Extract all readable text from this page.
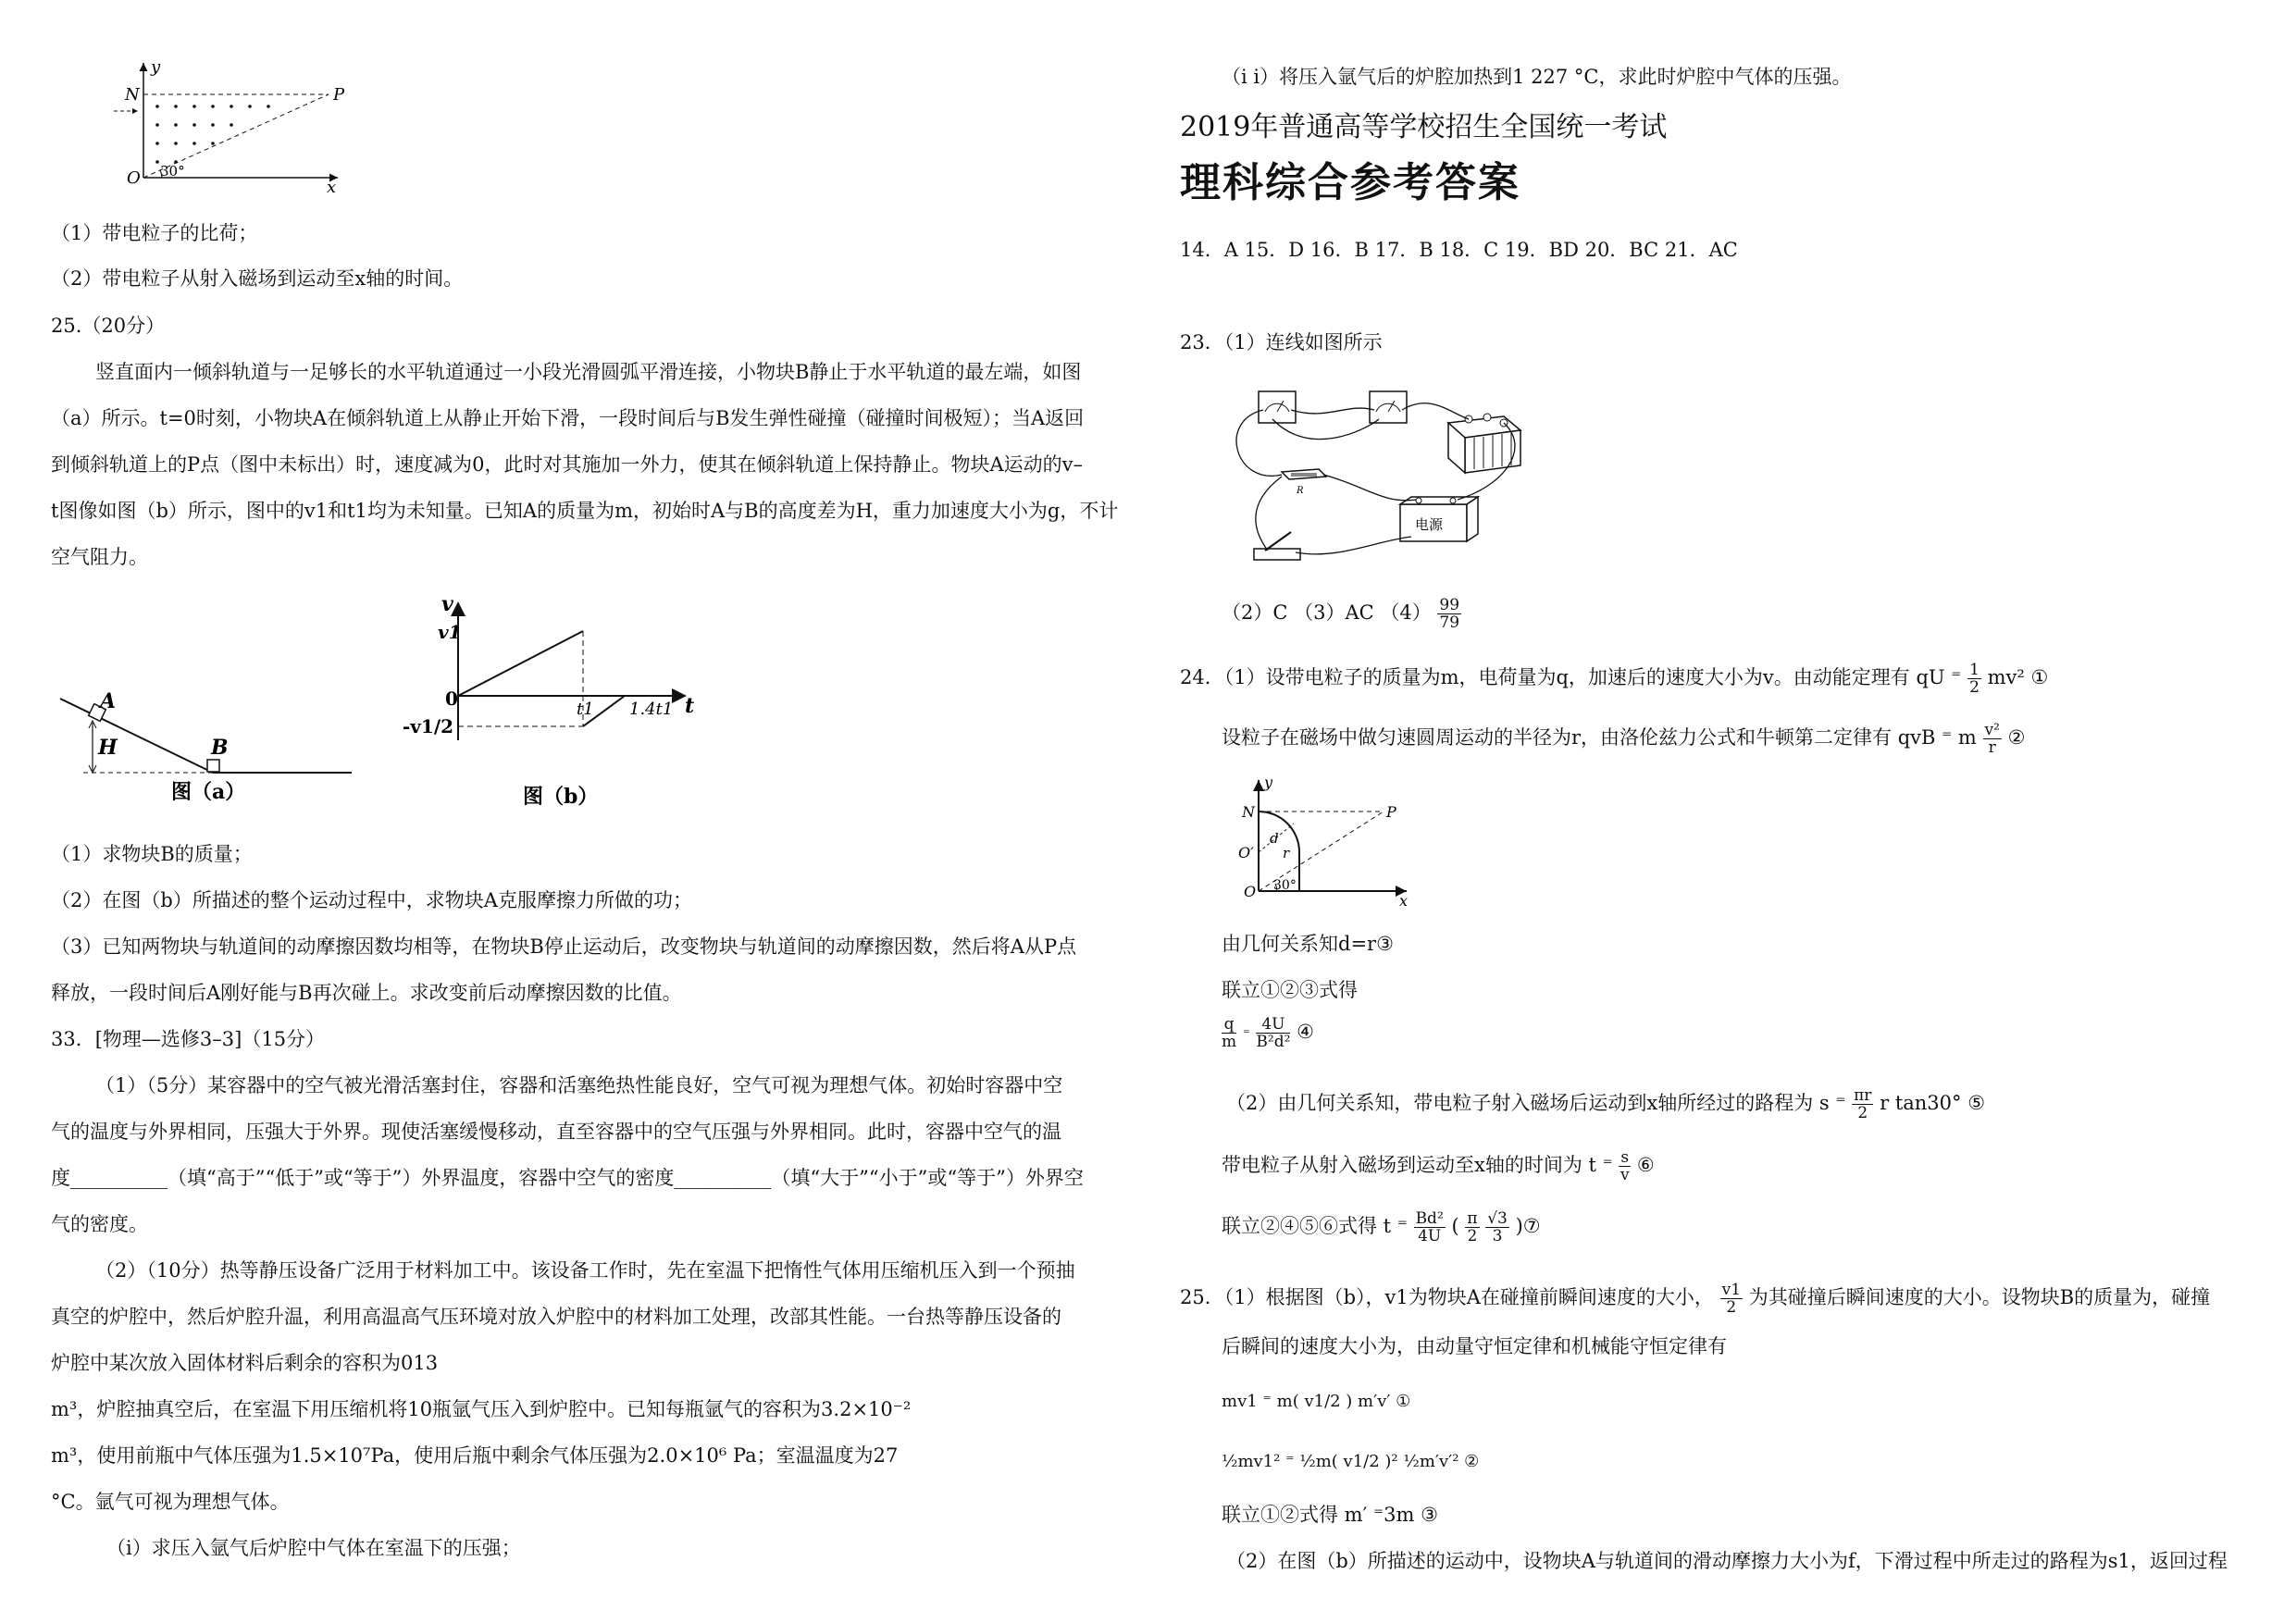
y
N	P
O	x
30°
（1）带电粒子的比荷；
（2）带电粒子从射入磁场到运动至x轴的时间。
25.（20分）
竖直面内一倾斜轨道与一足够长的水平轨道通过一小段光滑圆弧平滑连接，小物块B静止于水平轨道的最左端，如图
（a）所示。t=0时刻，小物块A在倾斜轨道上从静止开始下滑，一段时间后与B发生弹性碰撞（碰撞时间极短）；当A返回
到倾斜轨道上的P点（图中未标出）时，速度减为0，此时对其施加一外力，使其在倾斜轨道上保持静止。物块A运动的v–
t图像如图（b）所示，图中的v1和t1均为未知量。已知A的质量为m，初始时A与B的高度差为H，重力加速度大小为g，不计
空气阻力。
A
B
H
图（a）
v
v1
0
-v1/2
t1 1.4t1 t
图（b）
（1）求物块B的质量；
（2）在图（b）所描述的整个运动过程中，求物块A克服摩擦力所做的功；
（3）已知两物块与轨道间的动摩擦因数均相等，在物块B停止运动后，改变物块与轨道间的动摩擦因数，然后将A从P点
释放，一段时间后A刚好能与B再次碰上。求改变前后动摩擦因数的比值。
33．[物理—选修3–3]（15分）
（1）（5分）某容器中的空气被光滑活塞封住，容器和活塞绝热性能良好，空气可视为理想气体。初始时容器中空
气的温度与外界相同，压强大于外界。现使活塞缓慢移动，直至容器中的空气压强与外界相同。此时，容器中空气的温
度__________（填“高于”“低于”或“等于”）外界温度，容器中空气的密度__________（填“大于”“小于”或“等于”）外界空
气的密度。
（2）（10分）热等静压设备广泛用于材料加工中。该设备工作时，先在室温下把惰性气体用压缩机压入到一个预抽
真空的炉腔中，然后炉腔升温，利用高温高气压环境对放入炉腔中的材料加工处理，改部其性能。一台热等静压设备的
炉腔中某次放入固体材料后剩余的容积为013
m³，炉腔抽真空后，在室温下用压缩机将10瓶氩气压入到炉腔中。已知每瓶氩气的容积为3.2×10⁻²
m³，使用前瓶中气体压强为1.5×10⁷Pa，使用后瓶中剩余气体压强为2.0×10⁶ Pa；室温温度为27
°C。氩气可视为理想气体。
（i）求压入氩气后炉腔中气体在室温下的压强；
（i i）将压入氩气后的炉腔加热到1 227 °C，求此时炉腔中气体的压强。
2019年普通高等学校招生全国统一考试
理科综合参考答案
14．A 15．D 16．B 17．B 18．C 19．BD 20．BC 21．AC
23．（1）连线如图所示
R
电源
（2）C （3）AC $(4) \frac{99}{79}$
24．（1）设带电粒子的质量为m，电荷量为q，加速后的速度大小为v。由动能定理有 qU ⁼ $\frac{1}{2} mv^2$ ①
设粒子在磁场中做匀速圆周运动的半径为r，由洛伦兹力公式和牛顿第二定律有 qvB ⁼ m $\frac{\text{v²}}{r}$ ②
y
N	P
O′
O
x
d
r
30°
由几何关系知d=r③
联立①②③式得
$\frac{q}{m}$ ⁼ $\frac{4U}{\text{B²d²}}$ ④
（2）由几何关系知，带电粒子射入磁场后运动到x轴所经过的路程为 s ⁼ $\frac{\pi r}{2}$ r tan30° ⑤
带电粒子从射入磁场到运动至x轴的时间为 t ⁼ $\frac{s}{v}$ ⑥
联立②④⑤⑥式得 t ⁼ $\frac{\text{Bd²}}{4U}$ ( $\frac{\pi}{2}$
$\frac{√3}{3}$ )⑦
25．（1）根据图（b），v1为物块A在碰撞前瞬间速度的大小， $\frac{v1}{2}$ 为其碰撞后瞬间速度的大小。设物块B的质量为，碰撞
后瞬间的速度大小为，由动量守恒定律和机械能守恒定律有
mv1 ⁼ m( v1/2 ) m′v′ ①
½mv1² ⁼ ½m( v1/2 )² ½m′v′² ②
联立①②式得 m′ ⁼3m ③
（2）在图（b）所描述的运动中，设物块A与轨道间的滑动摩擦力大小为f，下滑过程中所走过的路程为s1，返回过程
